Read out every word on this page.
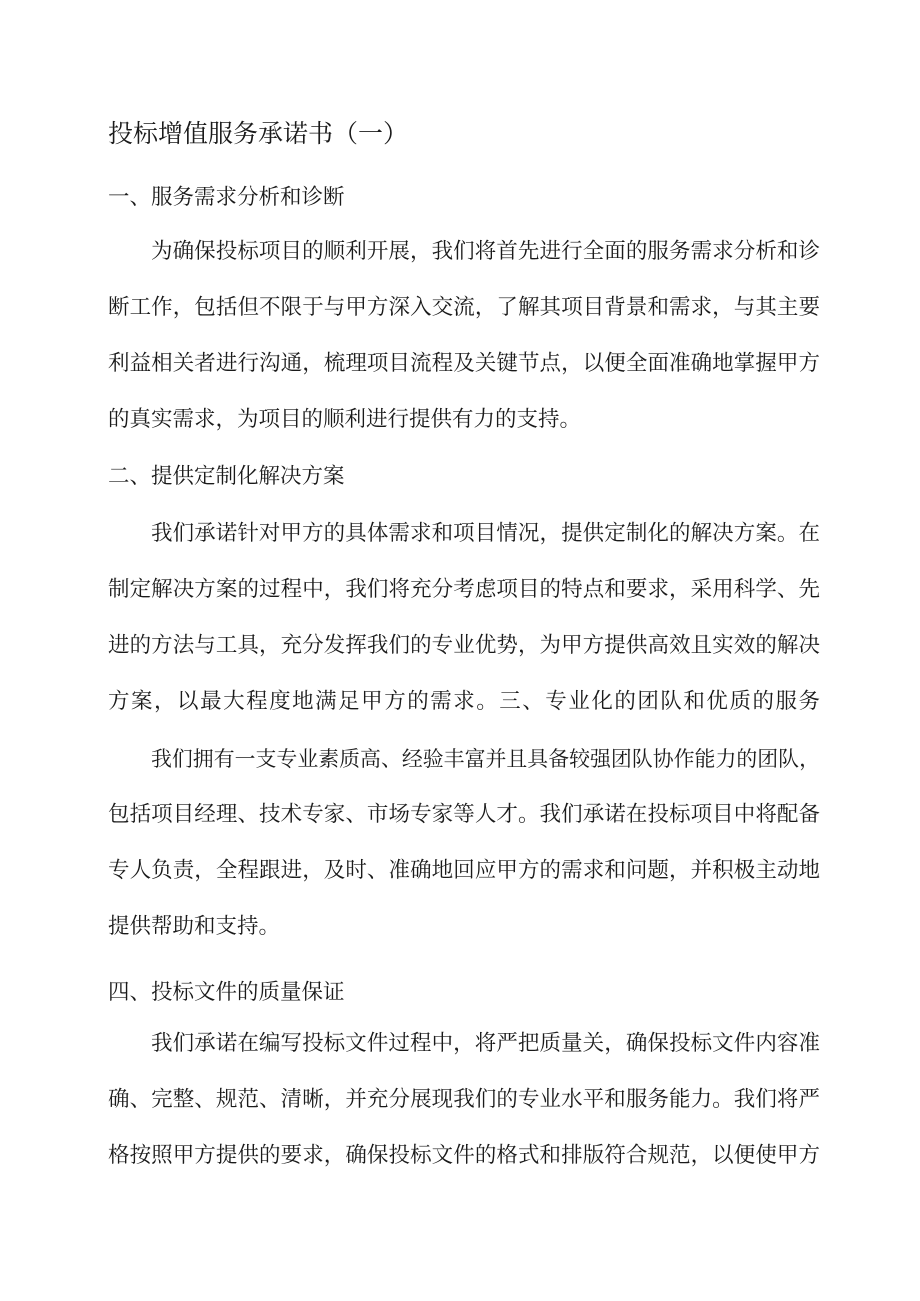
投标增值服务承诺书（一）
一、服务需求分析和诊断
为确保投标项目的顺利开展，我们将首先进行全面的服务需求分析和诊
断工作，包括但不限于与甲方深入交流，了解其项目背景和需求，与其主要
利益相关者进行沟通，梳理项目流程及关键节点，以便全面准确地掌握甲方
的真实需求，为项目的顺利进行提供有力的支持。
二、提供定制化解决方案
我们承诺针对甲方的具体需求和项目情况，提供定制化的解决方案。在
制定解决方案的过程中，我们将充分考虑项目的特点和要求，采用科学、先
进的方法与工具，充分发挥我们的专业优势，为甲方提供高效且实效的解决
方案，以最大程度地满足甲方的需求。三、专业化的团队和优质的服务
我们拥有一支专业素质高、经验丰富并且具备较强团队协作能力的团队，
包括项目经理、技术专家、市场专家等人才。我们承诺在投标项目中将配备
专人负责，全程跟进，及时、准确地回应甲方的需求和问题，并积极主动地
提供帮助和支持。
四、投标文件的质量保证
我们承诺在编写投标文件过程中，将严把质量关，确保投标文件内容准
确、完整、规范、清晰，并充分展现我们的专业水平和服务能力。我们将严
格按照甲方提供的要求，确保投标文件的格式和排版符合规范，以便使甲方
